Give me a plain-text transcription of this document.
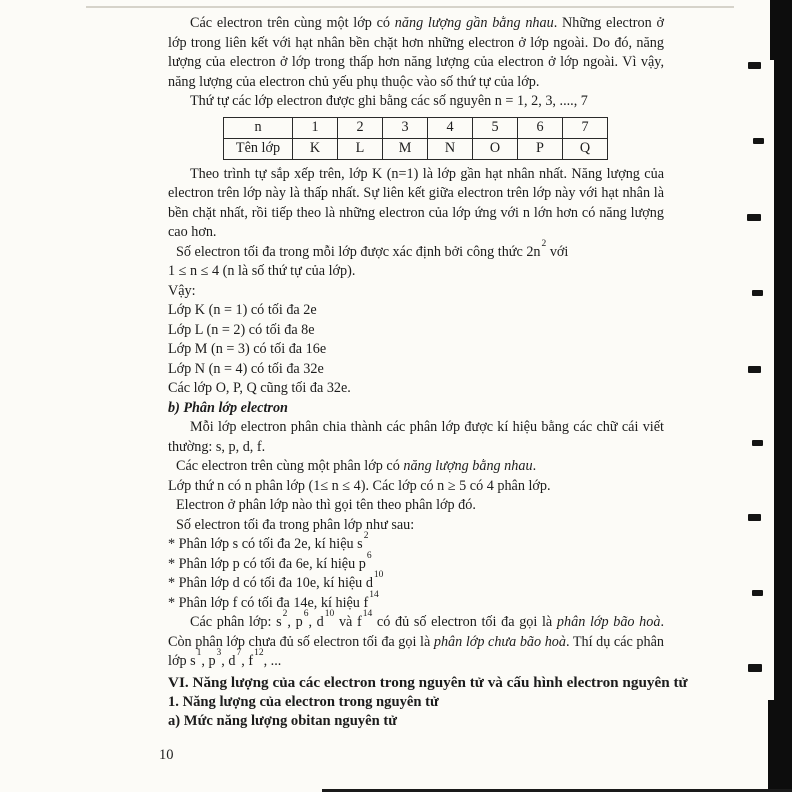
Các electron trên cùng một lớp có năng lượng gần bằng nhau. Những electron ở lớp trong liên kết với hạt nhân bền chặt hơn những electron ở lớp ngoài. Do đó, năng lượng của electron ở lớp trong thấp hơn năng lượng của electron ở lớp ngoài. Vì vậy, năng lượng của electron chủ yếu phụ thuộc vào số thứ tự của lớp.

Thứ tự các lớp electron được ghi bằng các số nguyên n = 1, 2, 3, ...., 7

n	1	2	3	4	5	6	7
Tên lớp	K	L	M	N	O	P	Q

Theo trình tự sắp xếp trên, lớp K (n=1) là lớp gần hạt nhân nhất. Năng lượng của electron trên lớp này là thấp nhất. Sự liên kết giữa electron trên lớp này với hạt nhân là bền chặt nhất, rồi tiếp theo là những electron của lớp ứng với n lớn hơn có năng lượng cao hơn.

Số electron tối đa trong mỗi lớp được xác định bởi công thức $2n^2$ với

1 ≤ n ≤ 4 (n là số thứ tự của lớp).

Vậy:

Lớp K (n = 1) có tối đa 2e

Lớp L (n = 2) có tối đa 8e

Lớp M (n = 3) có tối đa 16e

Lớp N (n = 4) có tối đa 32e

Các lớp O, P, Q cũng tối đa 32e.

b) Phân lớp electron

Mỗi lớp electron phân chia thành các phân lớp được kí hiệu bằng các chữ cái viết thường: s, p, d, f.

Các electron trên cùng một phân lớp có năng lượng bằng nhau.

Lớp thứ n có n phân lớp (1≤ n ≤ 4). Các lớp có n ≥ 5 có 4 phân lớp.

Electron ở phân lớp nào thì gọi tên theo phân lớp đó.

Số electron tối đa trong phân lớp như sau:

* Phân lớp s có tối đa 2e, kí hiệu $s^2$

* Phân lớp p có tối đa 6e, kí hiệu $p^6$

* Phân lớp d có tối đa 10e, kí hiệu $d^{10}$

* Phân lớp f có tối đa 14e, kí hiệu $f^{14}$

Các phân lớp: $s^2$, $p^6$, $d^{10}$ và $f^{14}$ có đủ số electron tối đa gọi là phân lớp bão hoà. Còn phân lớp chưa đủ số electron tối đa gọi là phân lớp chưa bão hoà. Thí dụ các phân lớp $s^1$, $p^3$, $d^7$, $f^{12}$, ...

VI. Năng lượng của các electron trong nguyên tử và cấu hình electron nguyên tử

1. Năng lượng của electron trong nguyên tử

a) Mức năng lượng obitan nguyên tử

10
